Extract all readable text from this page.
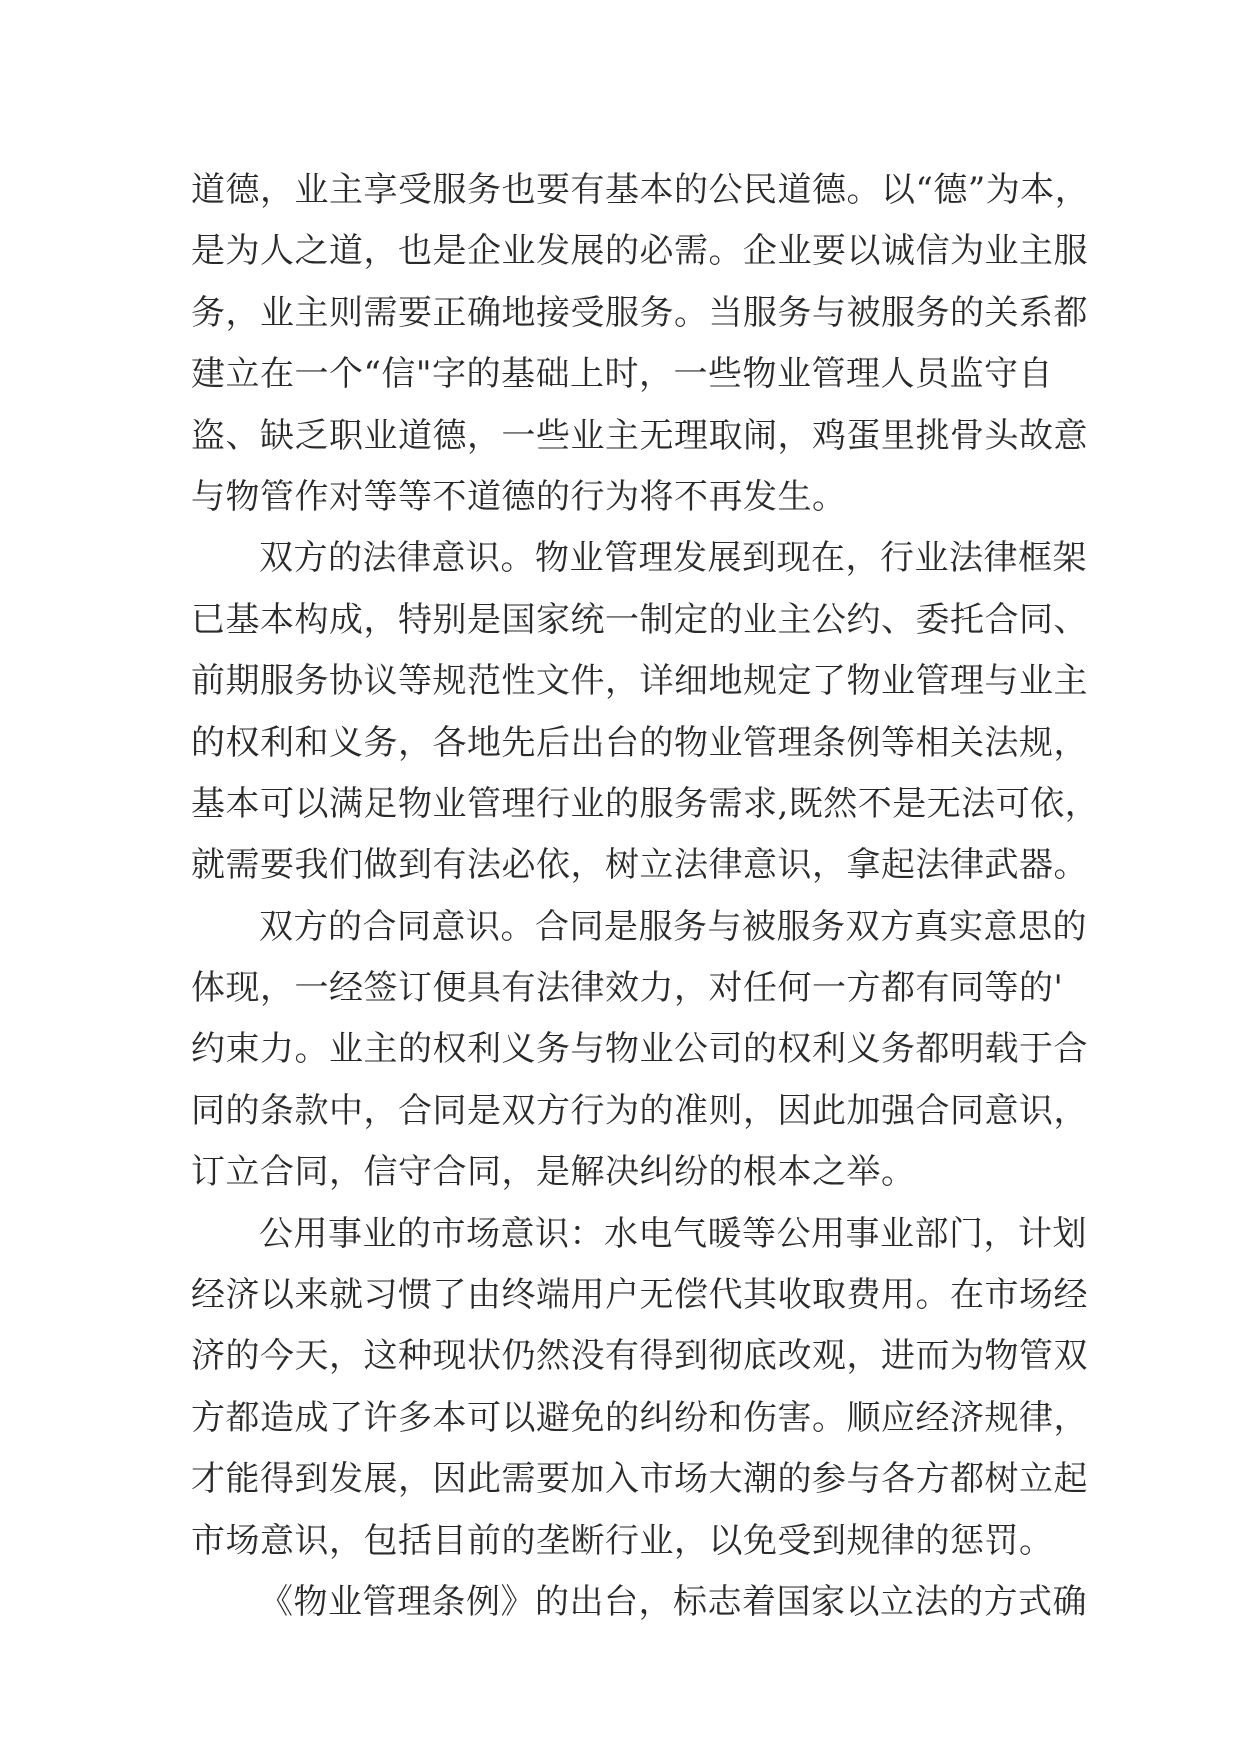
道德，业主享受服务也要有基本的公民道德。以“德”为本，
是为人之道，也是企业发展的必需。企业要以诚信为业主服
务，业主则需要正确地接受服务。当服务与被服务的关系都
建立在一个“信"字的基础上时，一些物业管理人员监守自
盗、缺乏职业道德，一些业主无理取闹，鸡蛋里挑骨头故意
与物管作对等等不道德的行为将不再发生。
双方的法律意识。物业管理发展到现在，行业法律框架
已基本构成，特别是国家统一制定的业主公约、委托合同、
前期服务协议等规范性文件，详细地规定了物业管理与业主
的权利和义务，各地先后出台的物业管理条例等相关法规，
基本可以满足物业管理行业的服务需求,既然不是无法可依，
就需要我们做到有法必依，树立法律意识，拿起法律武器。
双方的合同意识。合同是服务与被服务双方真实意思的
体现，一经签订便具有法律效力，对任何一方都有同等的'
约束力。业主的权利义务与物业公司的权利义务都明载于合
同的条款中，合同是双方行为的准则，因此加强合同意识，
订立合同，信守合同，是解决纠纷的根本之举。
公用事业的市场意识：水电气暖等公用事业部门，计划
经济以来就习惯了由终端用户无偿代其收取费用。在市场经
济的今天，这种现状仍然没有得到彻底改观，进而为物管双
方都造成了许多本可以避免的纠纷和伤害。顺应经济规律，
才能得到发展，因此需要加入市场大潮的参与各方都树立起
市场意识，包括目前的垄断行业，以免受到规律的惩罚。
《物业管理条例》的出台，标志着国家以立法的方式确
